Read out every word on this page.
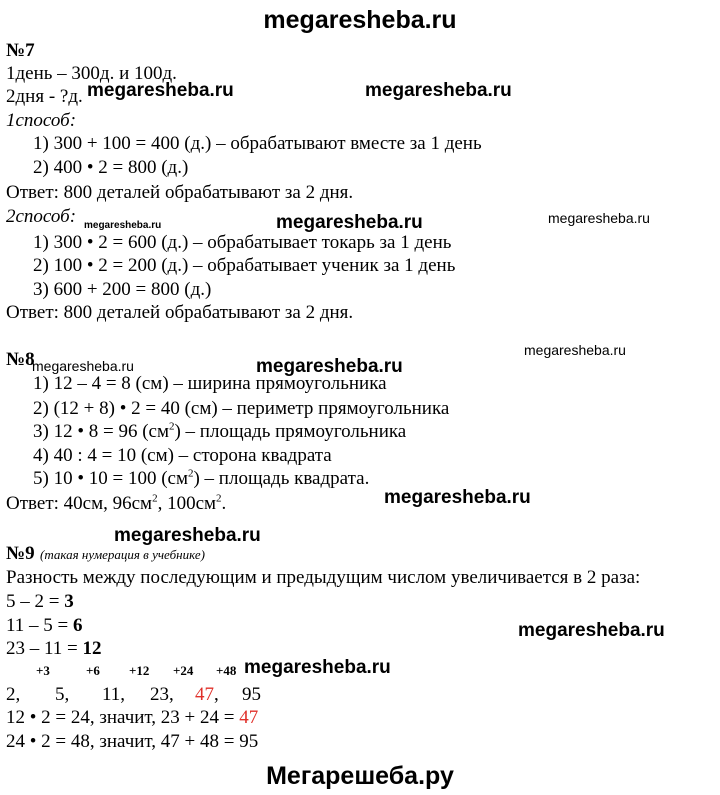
megaresheba.ru
№7
1день – 300д. и 100д.
2дня - ?д. megaresheba.ru	megaresheba.ru
1способ:
1) 300 + 100 = 400 (д.) – обрабатывают вместе за 1 день
2) 400 • 2 = 800 (д.)
Ответ: 800 деталей обрабатывают за 2 дня.
2способ: megaresheba.ru	megaresheba.ru	megaresheba.ru
1) 300 • 2 = 600 (д.) – обрабатывает токарь за 1 день
2) 100 • 2 = 200 (д.) – обрабатывает ученик за 1 день
3) 600 + 200 = 800 (д.)
Ответ: 800 деталей обрабатывают за 2 дня.
№8
megaresheba.ru	megaresheba.ru
megaresheba.ru
1) 12 – 4 = 8 (см) – ширина прямоугольника
2) (12 + 8) • 2 = 40 (см) – периметр прямоугольника
3) 12 • 8 = 96 $(см^2)$ – площадь прямоугольника
4) 40 : 4 = 10 (см) – сторона квадрата
5) 10 • 10 = 100 $(см^2)$ – площадь квадрата.
Ответ: 40см, $96см^2$, $100см^2$.	megaresheba.ru
megaresheba.ru
№9 (такая нумерация в учебнике)
Разность между последующим и предыдущим числом увеличивается в 2 раза:
5 – 2 = 3
11 – 5 = 6	megaresheba.ru
23 – 11 = 12
+3	+6 +12 +24 +48 megaresheba.ru
2, 5, 11, 23, 47 , 95
12 • 2 = 24, значит, 23 + 24 = 47
24 • 2 = 48, значит, 47 + 48 = 95
Мегарешеба.ру
